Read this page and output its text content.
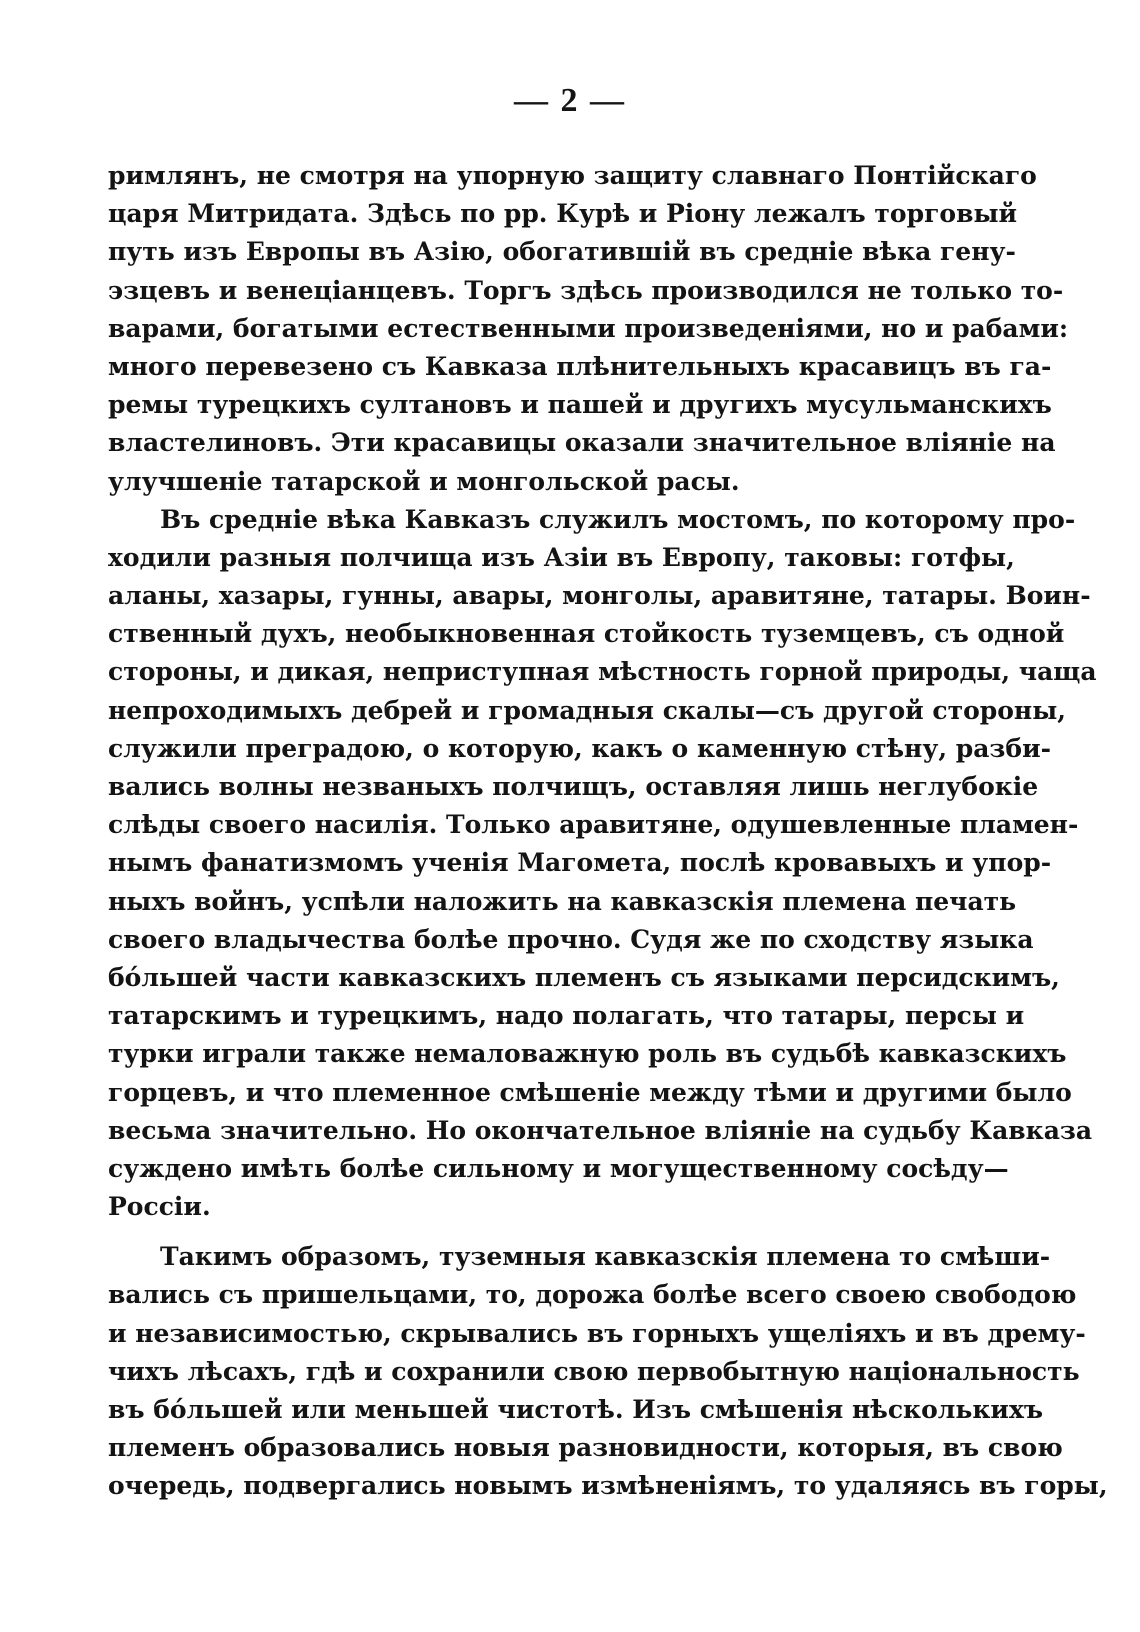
— 2 —
римлянъ, не смотря на упорную защиту славнаго Понтійскаго
царя Митридата. Здѣсь по рр. Курѣ и Ріону лежалъ торговый
путь изъ Европы въ Азію, обогатившій въ средніе вѣка гену-
эзцевъ и венеціанцевъ. Торгъ здѣсь производился не только то-
варами, богатыми естественными произведеніями, но и рабами:
много перевезено съ Кавказа плѣнительныхъ красавицъ въ га-
ремы турецкихъ султановъ и пашей и другихъ мусульманскихъ
властелиновъ. Эти красавицы оказали значительное вліяніе на
улучшеніе татарской и монгольской расы.
Въ средніе вѣка Кавказъ служилъ мостомъ, по которому про-
ходили разныя полчища изъ Азіи въ Европу, таковы: готфы,
аланы, хазары, гунны, авары, монголы, аравитяне, татары. Воин-
ственный духъ, необыкновенная стойкость туземцевъ, съ одной
стороны, и дикая, неприступная мѣстность горной природы, чаща
непроходимыхъ дебрей и громадныя скалы—съ другой стороны,
служили преградою, о которую, какъ о каменную стѣну, разби-
вались волны незваныхъ полчищъ, оставляя лишь неглубокіе
слѣды своего насилія. Только аравитяне, одушевленные пламен-
нымъ фанатизмомъ ученія Магомета, послѣ кровавыхъ и упор-
ныхъ войнъ, успѣли наложить на кавказскія племена печать
своего владычества болѣе прочно. Судя же по сходству языка
бо́льшей части кавказскихъ племенъ съ языками персидскимъ,
татарскимъ и турецкимъ, надо полагать, что татары, персы и
турки играли также немаловажную роль въ судьбѣ кавказскихъ
горцевъ, и что племенное смѣшеніе между тѣми и другими было
весьма значительно. Но окончательное вліяніе на судьбу Кавказа
суждено имѣть болѣе сильному и могущественному сосѣду—
Россіи.
Такимъ образомъ, туземныя кавказскія племена то смѣши-
вались съ пришельцами, то, дорожа болѣе всего своею свободою
и независимостью, скрывались въ горныхъ ущеліяхъ и въ дрему-
чихъ лѣсахъ, гдѣ и сохранили свою первобытную національность
въ бо́льшей или меньшей чистотѣ. Изъ смѣшенія нѣсколькихъ
племенъ образовались новыя разновидности, которыя, въ свою
очередь, подвергались новымъ измѣненіямъ, то удаляясь въ горы,
